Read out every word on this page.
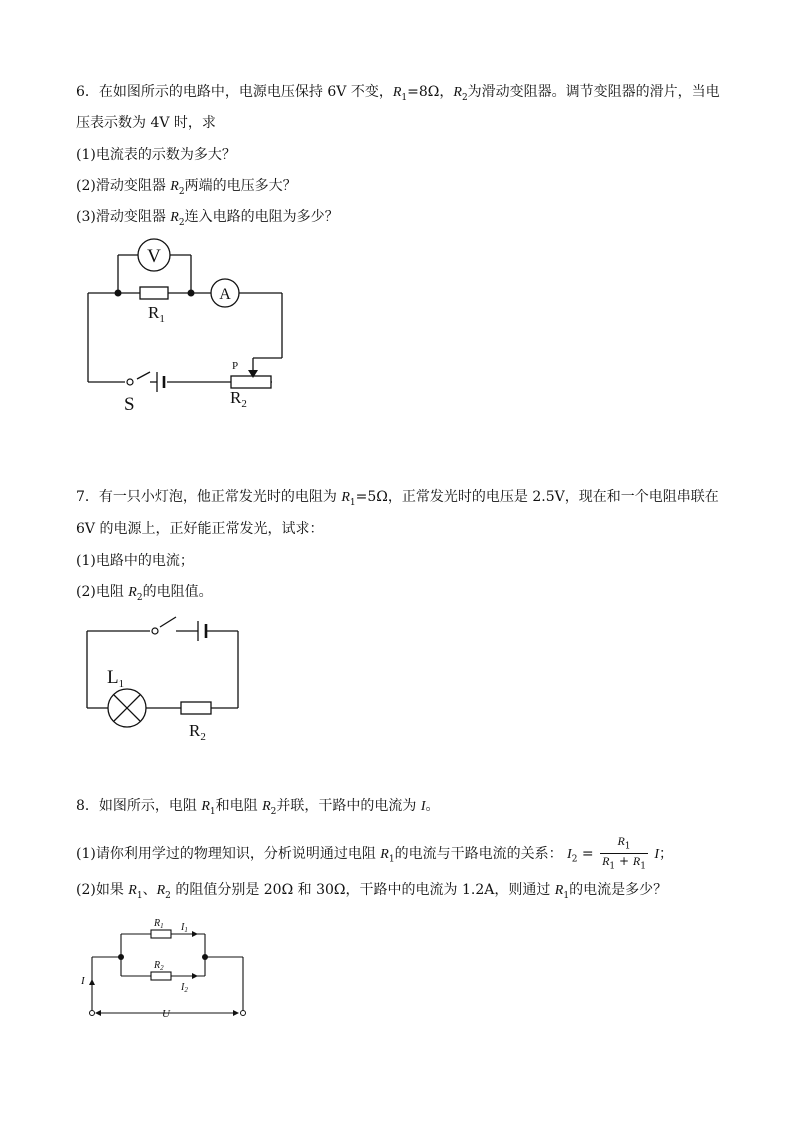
6．在如图所示的电路中，电源电压保持 6V 不变，$R_1=8\Omega$，$R_2$为滑动变阻器。调节变阻器的滑片，当电
压表示数为 4V 时，求
(1)电流表的示数为多大？
(2)滑动变阻器 $R_2$两端的电压多大？
(3)滑动变阻器 $R_2$连入电路的电阻为多少？
V
A
$R_1$
P
S	$R_2$
7．有一只小灯泡，他正常发光时的电阻为 $R_1=5\Omega$，正常发光时的电压是 2.5V，现在和一个电阻串联在
6V 的电源上，正好能正常发光，试求：
(1)电路中的电流；
(2)电阻 $R_2$的电阻值。
$L_1$
$R_2$
8．如图所示，电阻 $R_1$和电阻 $R_2$并联，干路中的电流为 I。
(1)请你利用学过的物理知识，分析说明通过电阻 $R_1$的电流与干路电流的关系： $I_2 = \frac{R_1}{R_1 + R_1}$ I；
(2)如果 $R_1$、$R_2$ 的阻值分别是 20Ω 和 30Ω，干路中的电流为 1.2A，则通过 $R_1$的电流是多少？
$R_1$ $I_1$
$R_2$
$I_2$
I
U
